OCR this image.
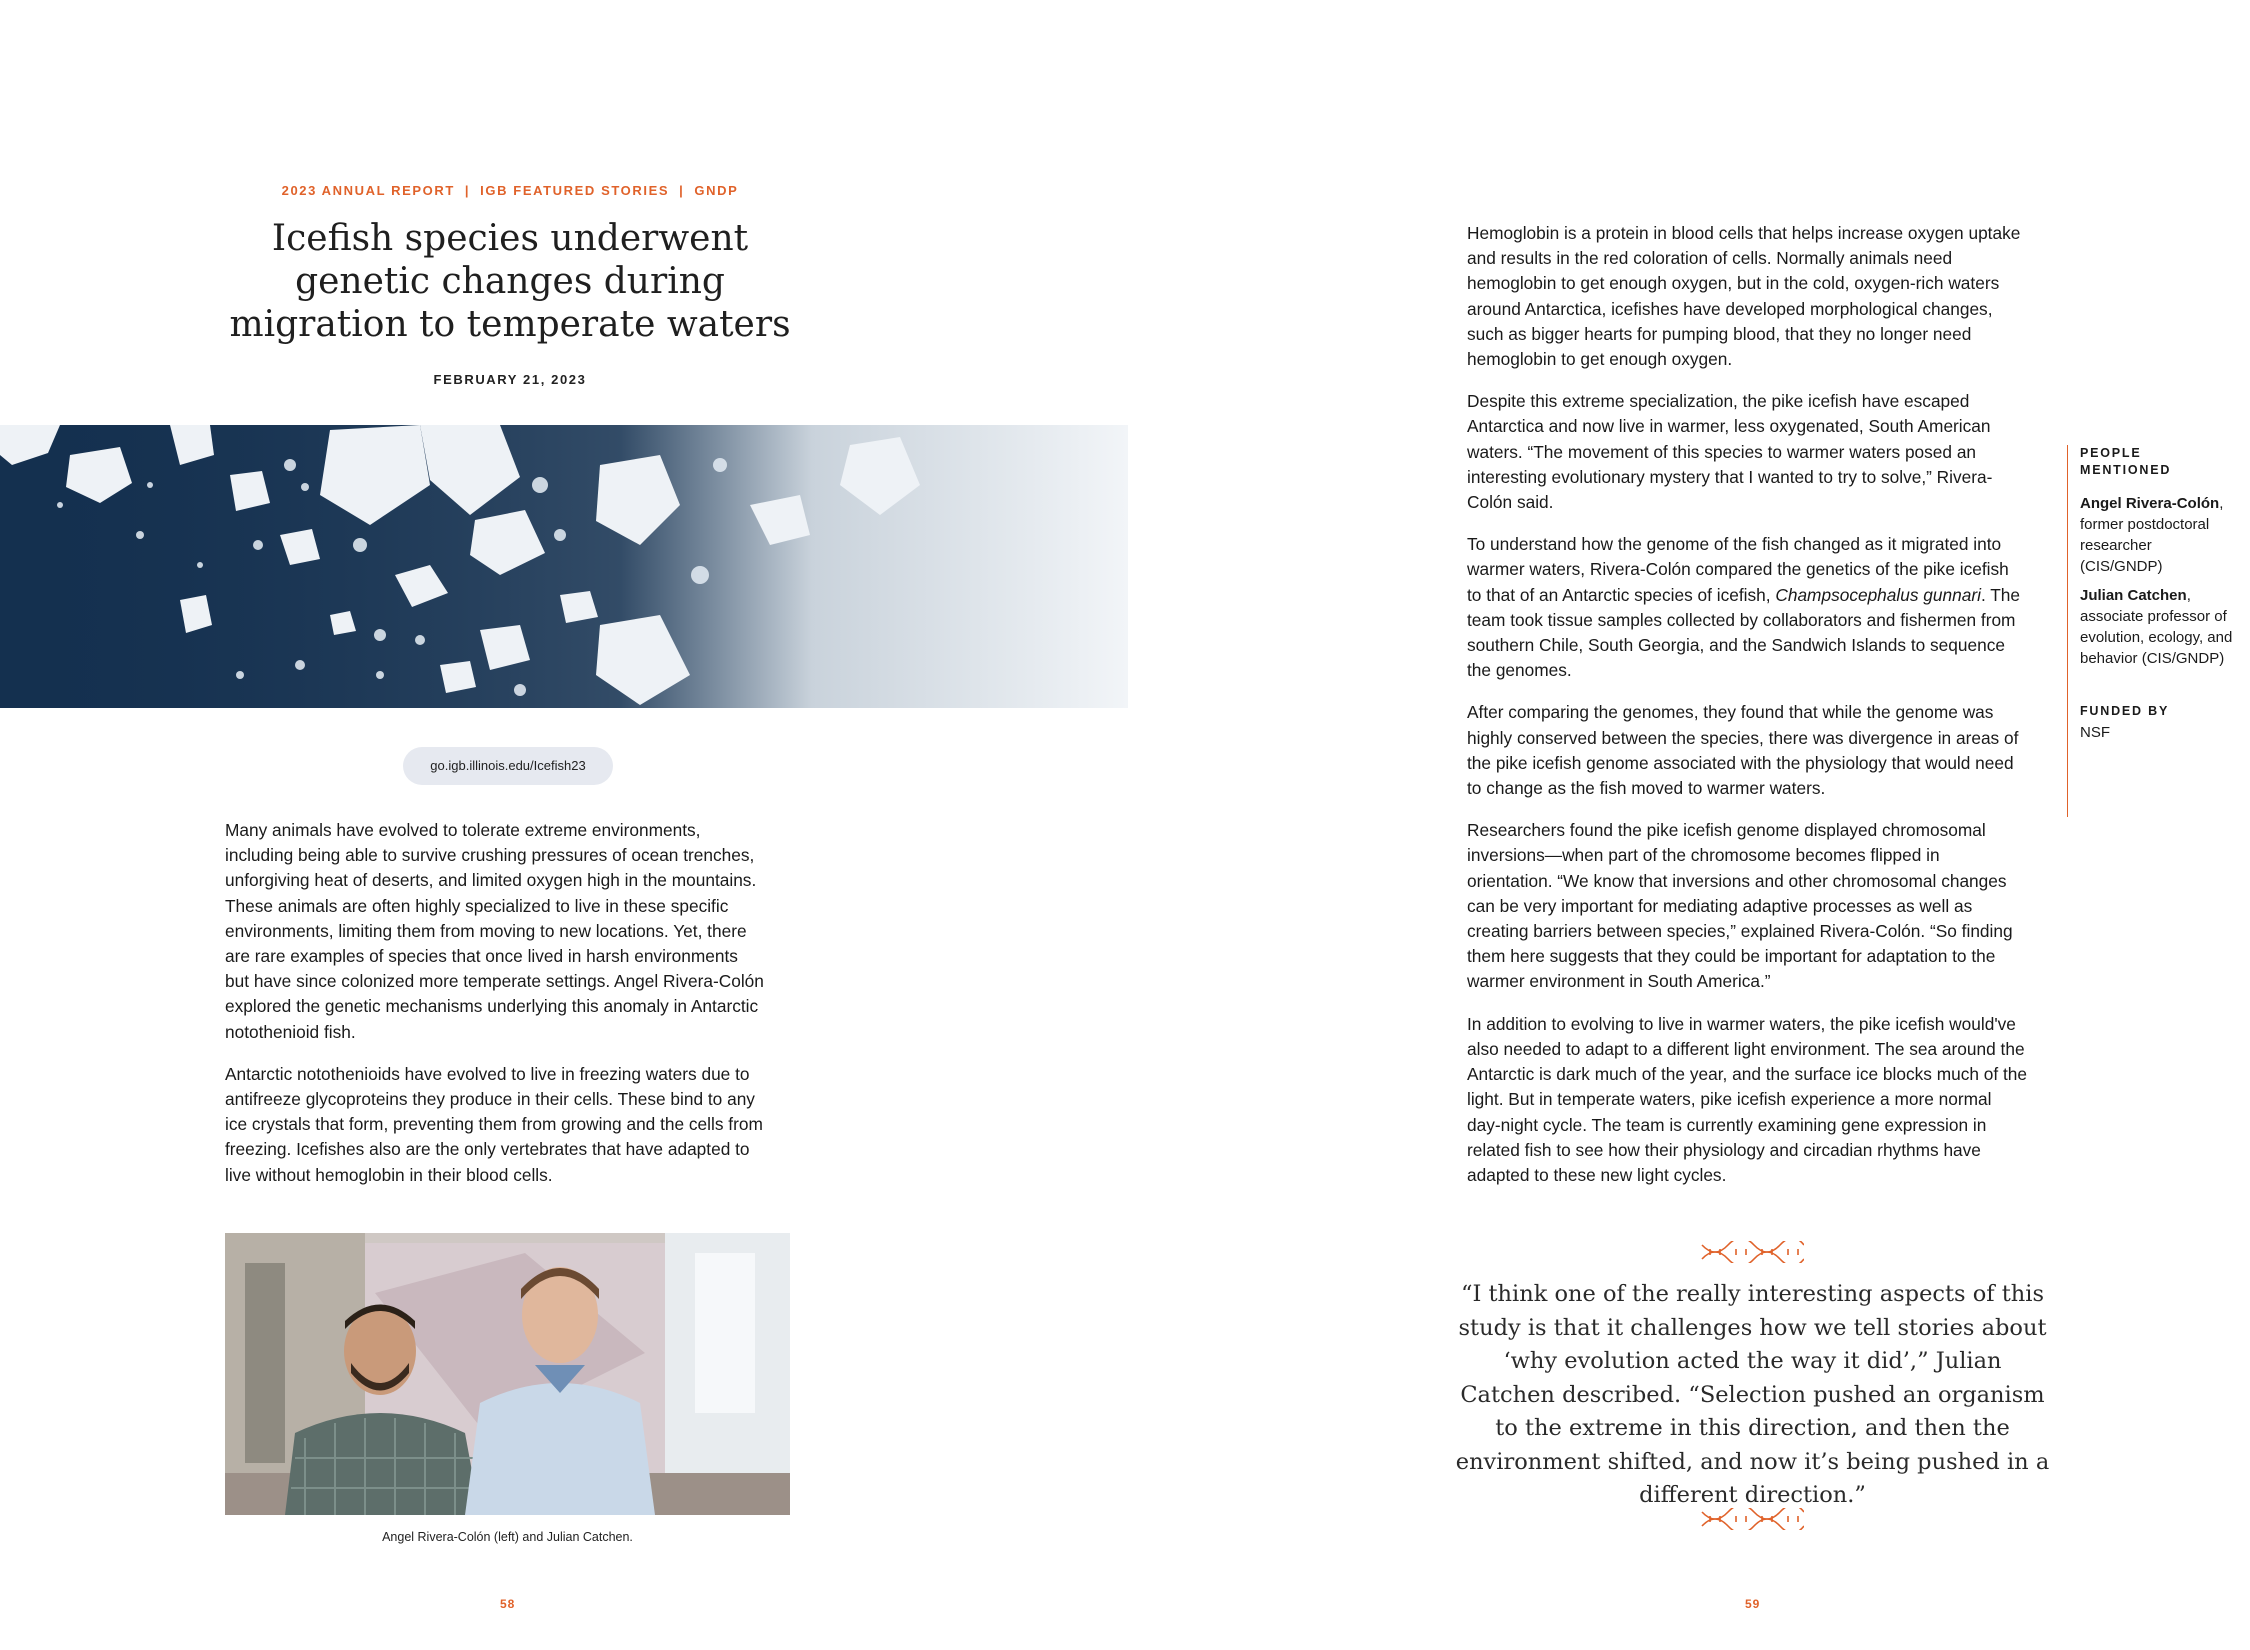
2023 ANNUAL REPORT | IGB FEATURED STORIES | GNDP
Icefish species underwent genetic changes during migration to temperate waters
FEBRUARY 21, 2023
go.igb.illinois.edu/Icefish23

Many animals have evolved to tolerate extreme environments, including being able to survive crushing pressures of ocean trenches, unforgiving heat of deserts, and limited oxygen high in the mountains. These animals are often highly specialized to live in these specific environments, limiting them from moving to new locations. Yet, there are rare examples of species that once lived in harsh environments but have since colonized more temperate settings. Angel Rivera-Colón explored the genetic mechanisms underlying this anomaly in Antarctic notothenioid fish.

Antarctic notothenioids have evolved to live in freezing waters due to antifreeze glycoproteins they produce in their cells. These bind to any ice crystals that form, preventing them from growing and the cells from freezing. Icefishes also are the only vertebrates that have adapted to live without hemoglobin in their blood cells.

Angel Rivera-Colón (left) and Julian Catchen.
58

Hemoglobin is a protein in blood cells that helps increase oxygen uptake and results in the red coloration of cells. Normally animals need hemoglobin to get enough oxygen, but in the cold, oxygen-rich waters around Antarctica, icefishes have developed morphological changes, such as bigger hearts for pumping blood, that they no longer need hemoglobin to get enough oxygen.

Despite this extreme specialization, the pike icefish have escaped Antarctica and now live in warmer, less oxygenated, South American waters. “The movement of this species to warmer waters posed an interesting evolutionary mystery that I wanted to try to solve,” Rivera-Colón said.

To understand how the genome of the fish changed as it migrated into warmer waters, Rivera-Colón compared the genetics of the pike icefish to that of an Antarctic species of icefish, Champsocephalus gunnari. The team took tissue samples collected by collaborators and fishermen from southern Chile, South Georgia, and the Sandwich Islands to sequence the genomes.

After comparing the genomes, they found that while the genome was highly conserved between the species, there was divergence in areas of the pike icefish genome associated with the physiology that would need to change as the fish moved to warmer waters.

Researchers found the pike icefish genome displayed chromosomal inversions—when part of the chromosome becomes flipped in orientation. “We know that inversions and other chromosomal changes can be very important for mediating adaptive processes as well as creating barriers between species,” explained Rivera-Colón. “So finding them here suggests that they could be important for adaptation to the warmer environment in South America.”

In addition to evolving to live in warmer waters, the pike icefish would've also needed to adapt to a different light environment. The sea around the Antarctic is dark much of the year, and the surface ice blocks much of the light. But in temperate waters, pike icefish experience a more normal day-night cycle. The team is currently examining gene expression in related fish to see how their physiology and circadian rhythms have adapted to these new light cycles.

PEOPLE MENTIONED
Angel Rivera-Colón, former postdoctoral researcher (CIS/GNDP)
Julian Catchen, associate professor of evolution, ecology, and behavior (CIS/GNDP)
FUNDED BY
NSF
“I think one of the really interesting aspects of this study is that it challenges how we tell stories about ‘why evolution acted the way it did’,” Julian Catchen described. “Selection pushed an organism to the extreme in this direction, and then the environment shifted, and now it’s being pushed in a different direction.”
59
